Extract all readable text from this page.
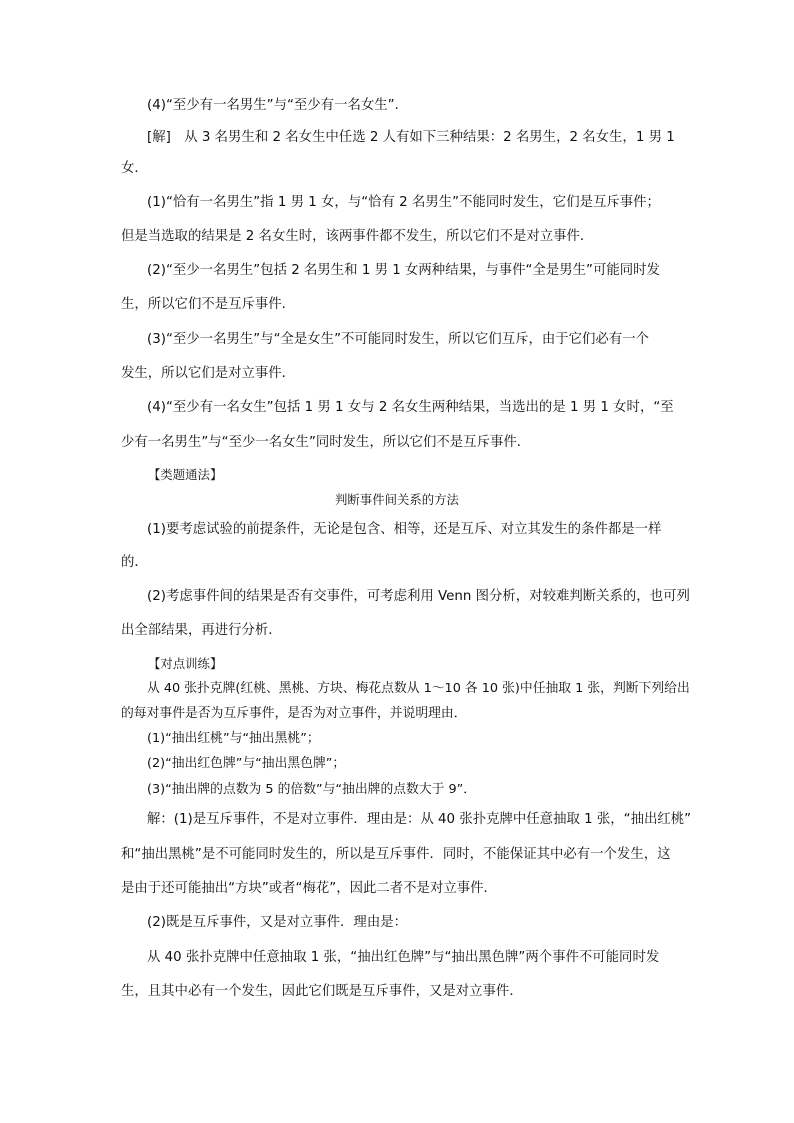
(4)“至少有一名男生”与“至少有一名女生”．
[解]　从 3 名男生和 2 名女生中任选 2 人有如下三种结果：2 名男生，2 名女生，1 男 1
女．
(1)“恰有一名男生”指 1 男 1 女，与“恰有 2 名男生”不能同时发生，它们是互斥事件；
但是当选取的结果是 2 名女生时，该两事件都不发生，所以它们不是对立事件．
(2)“至少一名男生”包括 2 名男生和 1 男 1 女两种结果，与事件“全是男生”可能同时发
生，所以它们不是互斥事件．
(3)“至少一名男生”与“全是女生”不可能同时发生，所以它们互斥，由于它们必有一个
发生，所以它们是对立事件．
(4)“至少有一名女生”包括 1 男 1 女与 2 名女生两种结果，当选出的是 1 男 1 女时，“至
少有一名男生”与“至少一名女生”同时发生，所以它们不是互斥事件．
【类题通法】
判断事件间关系的方法
(1)要考虑试验的前提条件，无论是包含、相等，还是互斥、对立其发生的条件都是一样
的．
(2)考虑事件间的结果是否有交事件，可考虑利用 Venn 图分析，对较难判断关系的，也可列
出全部结果，再进行分析．
【对点训练】
从 40 张扑克牌(红桃、黑桃、方块、梅花点数从 1～10 各 10 张)中任抽取 1 张，判断下列给出
的每对事件是否为互斥事件，是否为对立事件，并说明理由．
(1)“抽出红桃”与“抽出黑桃”；
(2)“抽出红色牌”与“抽出黑色牌”；
(3)“抽出牌的点数为 5 的倍数”与“抽出牌的点数大于 9”．
解：(1)是互斥事件，不是对立事件．理由是：从 40 张扑克牌中任意抽取 1 张，“抽出红桃”
和“抽出黑桃”是不可能同时发生的，所以是互斥事件．同时，不能保证其中必有一个发生，这
是由于还可能抽出“方块”或者“梅花”，因此二者不是对立事件．
(2)既是互斥事件，又是对立事件．理由是：
从 40 张扑克牌中任意抽取 1 张，“抽出红色牌”与“抽出黑色牌”两个事件不可能同时发
生，且其中必有一个发生，因此它们既是互斥事件，又是对立事件．
